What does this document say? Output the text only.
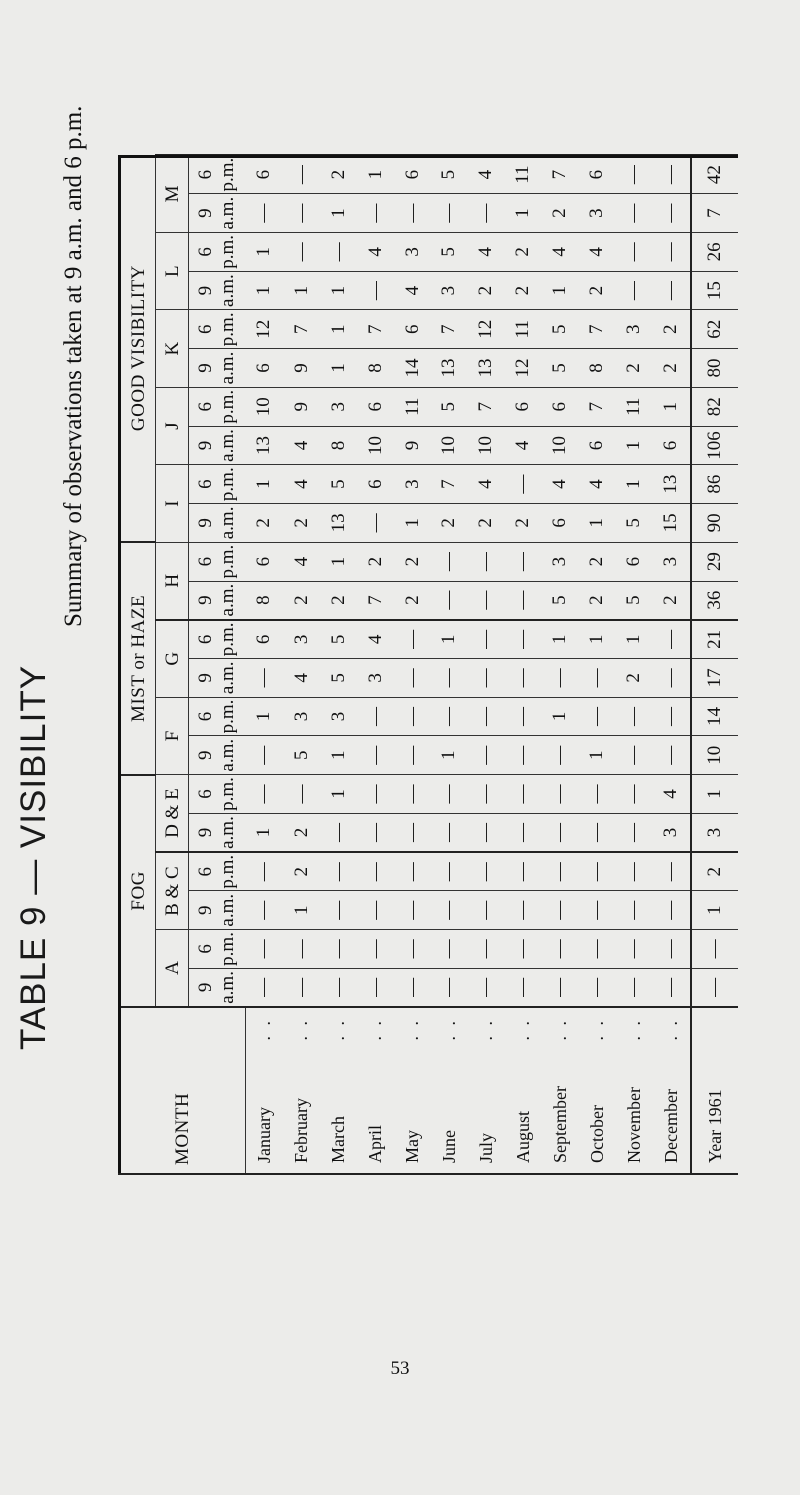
TABLE 9 — VISIBILITY
Summary of observations taken at 9 a.m. and 6 p.m.
MONTH	FOG						MIST or HAZE						GOOD VISIBILITY									
	A		B & C		D & E		F		G		H		I		J		K		L		M	

	9 a.m.	6 p.m.	9 a.m.	6 p.m.	9 a.m.	6 p.m.	9 a.m.	6 p.m.	9 a.m.	6 p.m.	9 a.m.	6 p.m.	9 a.m.	6 p.m.	9 a.m.	6 p.m.	9 a.m.	6 p.m.	9 a.m.	6 p.m.	9 a.m.	6 p.m.

January
. .	—	—	—	—	1	—	—	1	—	6	8	6	2	1	13	10	6	12	1	1	—	6
February
. .	—	—	1	2	2	—	5	3	4	3	2	4	2	4	4	9	9	7	1	—	—	—
March
. .	—	—	—	—	—	1	1	3	5	5	2	1	13	5	8	3	1	1	1	—	1	2
April
. .	—	—	—	—	—	—	—	—	3	4	7	2	—	6	10	6	8	7	—	4	—	1
May
. .	—	—	—	—	—	—	—	—	—	—	2	2	1	3	9	11	14	6	4	3	—	6
June
. .	—	—	—	—	—	—	1	—	—	1	—	—	2	7	10	5	13	7	3	5	—	5
July
. .	—	—	—	—	—	—	—	—	—	—	—	—	2	4	10	7	13	12	2	4	—	4
August
. .	—	—	—	—	—	—	—	—	—	—	—	—	2	—	4	6	12	11	2	2	1	11
September
. .	—	—	—	—	—	—	—	1	—	1	5	3	6	4	10	6	5	5	1	4	2	7
October
. .	—	—	—	—	—	—	1	—	—	1	2	2	1	4	6	7	8	7	2	4	3	6
November
. .	—	—	—	—	—	—	—	—	2	1	5	6	5	1	1	11	2	3	—	—	—	—
December
. .	—	—	—	—	3	4	—	—	—	—	2	3	15	13	6	1	2	2	—	—	—	—
Year 1961	—	—	1	2	3	1	10	14	17	21	36	29	90	86	106	82	80	62	15	26	7	42
53
